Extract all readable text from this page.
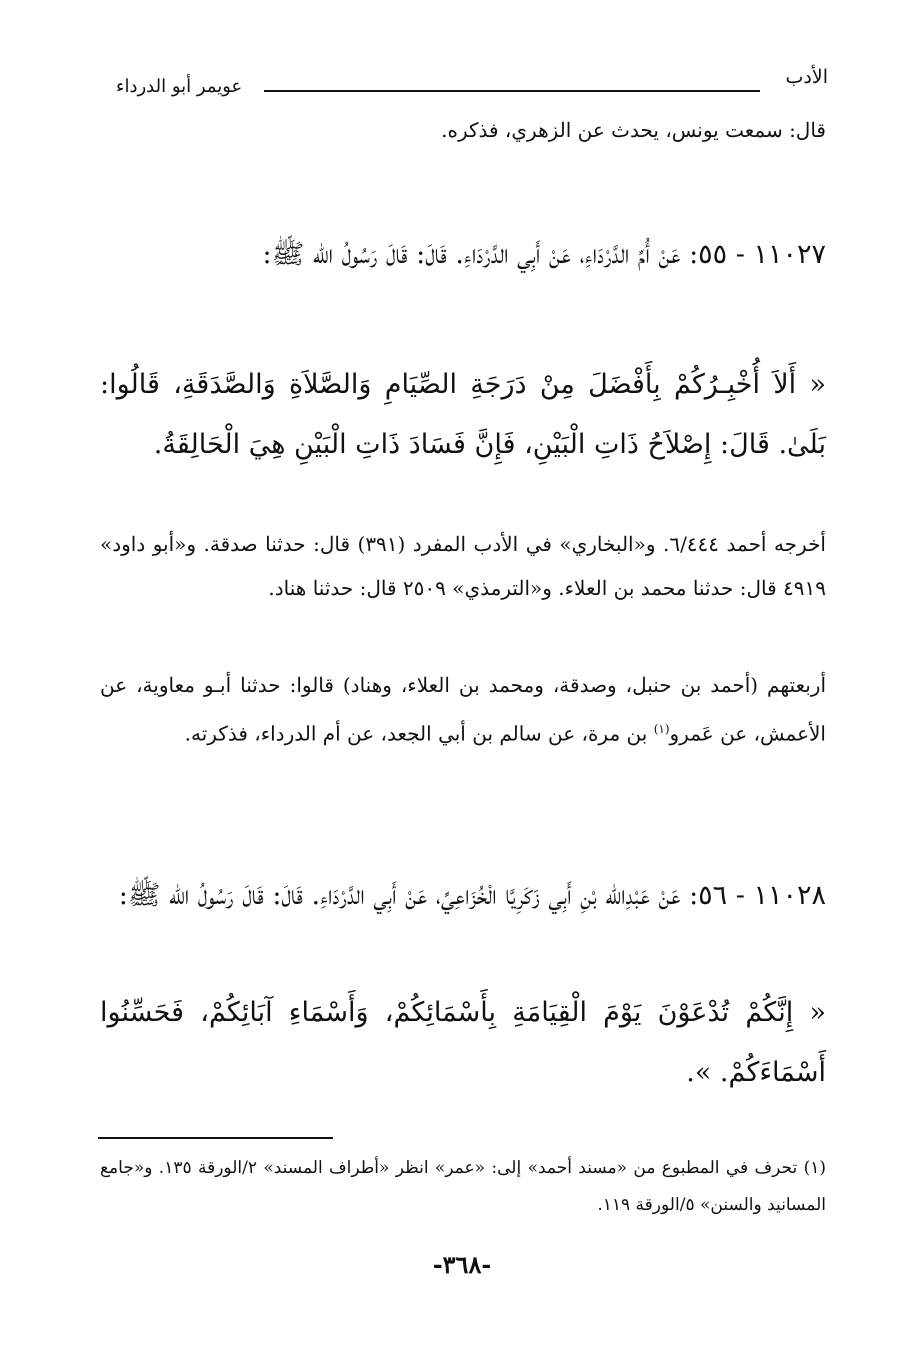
الأدب
عويمر أبو الدرداء
قال: سمعت يونس، يحدث عن الزهري، فذكره.
١١٠٢٧ - ٥٥: عَنْ أُمِّ الدَّرْدَاءِ، عَنْ أَبِي الدَّرْدَاءِ. قَالَ: قَالَ رَسُولُ الله ﷺ:
« أَلاَ أُخْبِـرُكُمْ بِأَفْضَلَ مِنْ دَرَجَةِ الصِّيَامِ وَالصَّلاَةِ وَالصَّدَقَةِ، قَالُوا: بَلَىٰ. قَالَ: إِصْلاَحُ ذَاتِ الْبَيْنِ، فَإِنَّ فَسَادَ ذَاتِ الْبَيْنِ هِيَ الْحَالِقَةُ.
أخرجه أحمد ٦/٤٤٤. و«البخاري» في الأدب المفرد (٣٩١) قال: حدثنا صدقة. و«أبو داود» ٤٩١٩ قال: حدثنا محمد بن العلاء. و«الترمذي» ٢٥٠٩ قال: حدثنا هناد.
أربعتهم (أحمد بن حنبل، وصدقة، ومحمد بن العلاء، وهناد) قالوا: حدثنا أبـو معاوية، عن الأعمش، عن عَمرو$^{(١)}$ بن مرة، عن سالم بن أبي الجعد، عن أم الدرداء، فذكرته.
١١٠٢٨ - ٥٦: عَنْ عَبْدِالله بْنِ أَبِي زَكَرِيَّا الْخُزَاعِيِّ، عَنْ أَبِي الدَّرْدَاءِ. قَالَ: قَالَ رَسُولُ الله ﷺ:
« إِنَّكُمْ تُدْعَوْنَ يَوْمَ الْقِيَامَةِ بِأَسْمَائِكُمْ، وَأَسْمَاءِ آبَائِكُمْ، فَحَسِّنُوا أَسْمَاءَكُمْ. ».
(١) تحرف في المطبوع من «مسند أحمد» إلى: «عمر» انظر «أطراف المسند» ٢/الورقة ١٣٥. و«جامع المسانيد والسنن» ٥/الورقة ١١٩.
-٣٦٨-
